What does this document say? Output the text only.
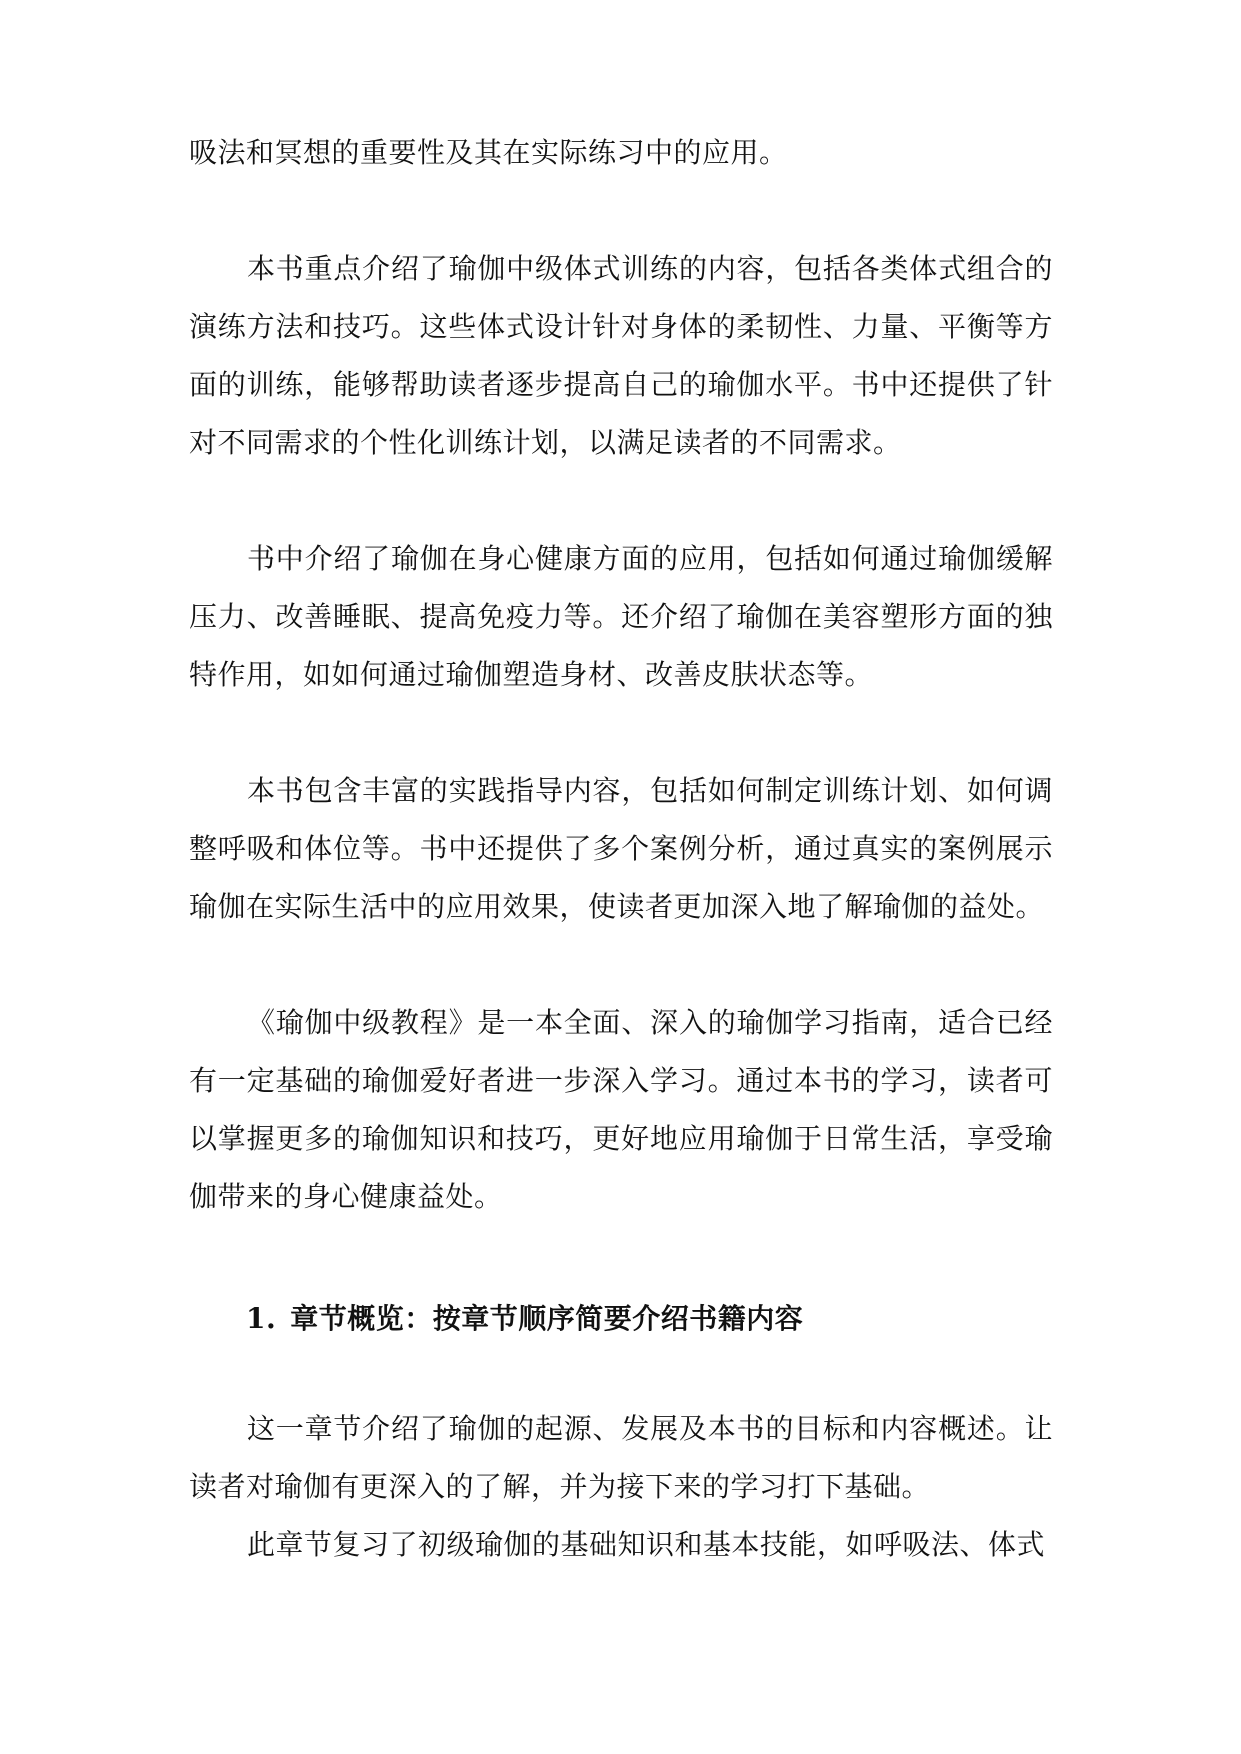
吸法和冥想的重要性及其在实际练习中的应用。

本书重点介绍了瑜伽中级体式训练的内容，包括各类体式组合的演练方法和技巧。这些体式设计针对身体的柔韧性、力量、平衡等方面的训练，能够帮助读者逐步提高自己的瑜伽水平。书中还提供了针对不同需求的个性化训练计划，以满足读者的不同需求。

书中介绍了瑜伽在身心健康方面的应用，包括如何通过瑜伽缓解压力、改善睡眠、提高免疫力等。还介绍了瑜伽在美容塑形方面的独特作用，如如何通过瑜伽塑造身材、改善皮肤状态等。

本书包含丰富的实践指导内容，包括如何制定训练计划、如何调整呼吸和体位等。书中还提供了多个案例分析，通过真实的案例展示瑜伽在实际生活中的应用效果，使读者更加深入地了解瑜伽的益处。

《瑜伽中级教程》是一本全面、深入的瑜伽学习指南，适合已经有一定基础的瑜伽爱好者进一步深入学习。通过本书的学习，读者可以掌握更多的瑜伽知识和技巧，更好地应用瑜伽于日常生活，享受瑜伽带来的身心健康益处。

1. 章节概览：按章节顺序简要介绍书籍内容

这一章节介绍了瑜伽的起源、发展及本书的目标和内容概述。让读者对瑜伽有更深入的了解，并为接下来的学习打下基础。

此章节复习了初级瑜伽的基础知识和基本技能，如呼吸法、体式
